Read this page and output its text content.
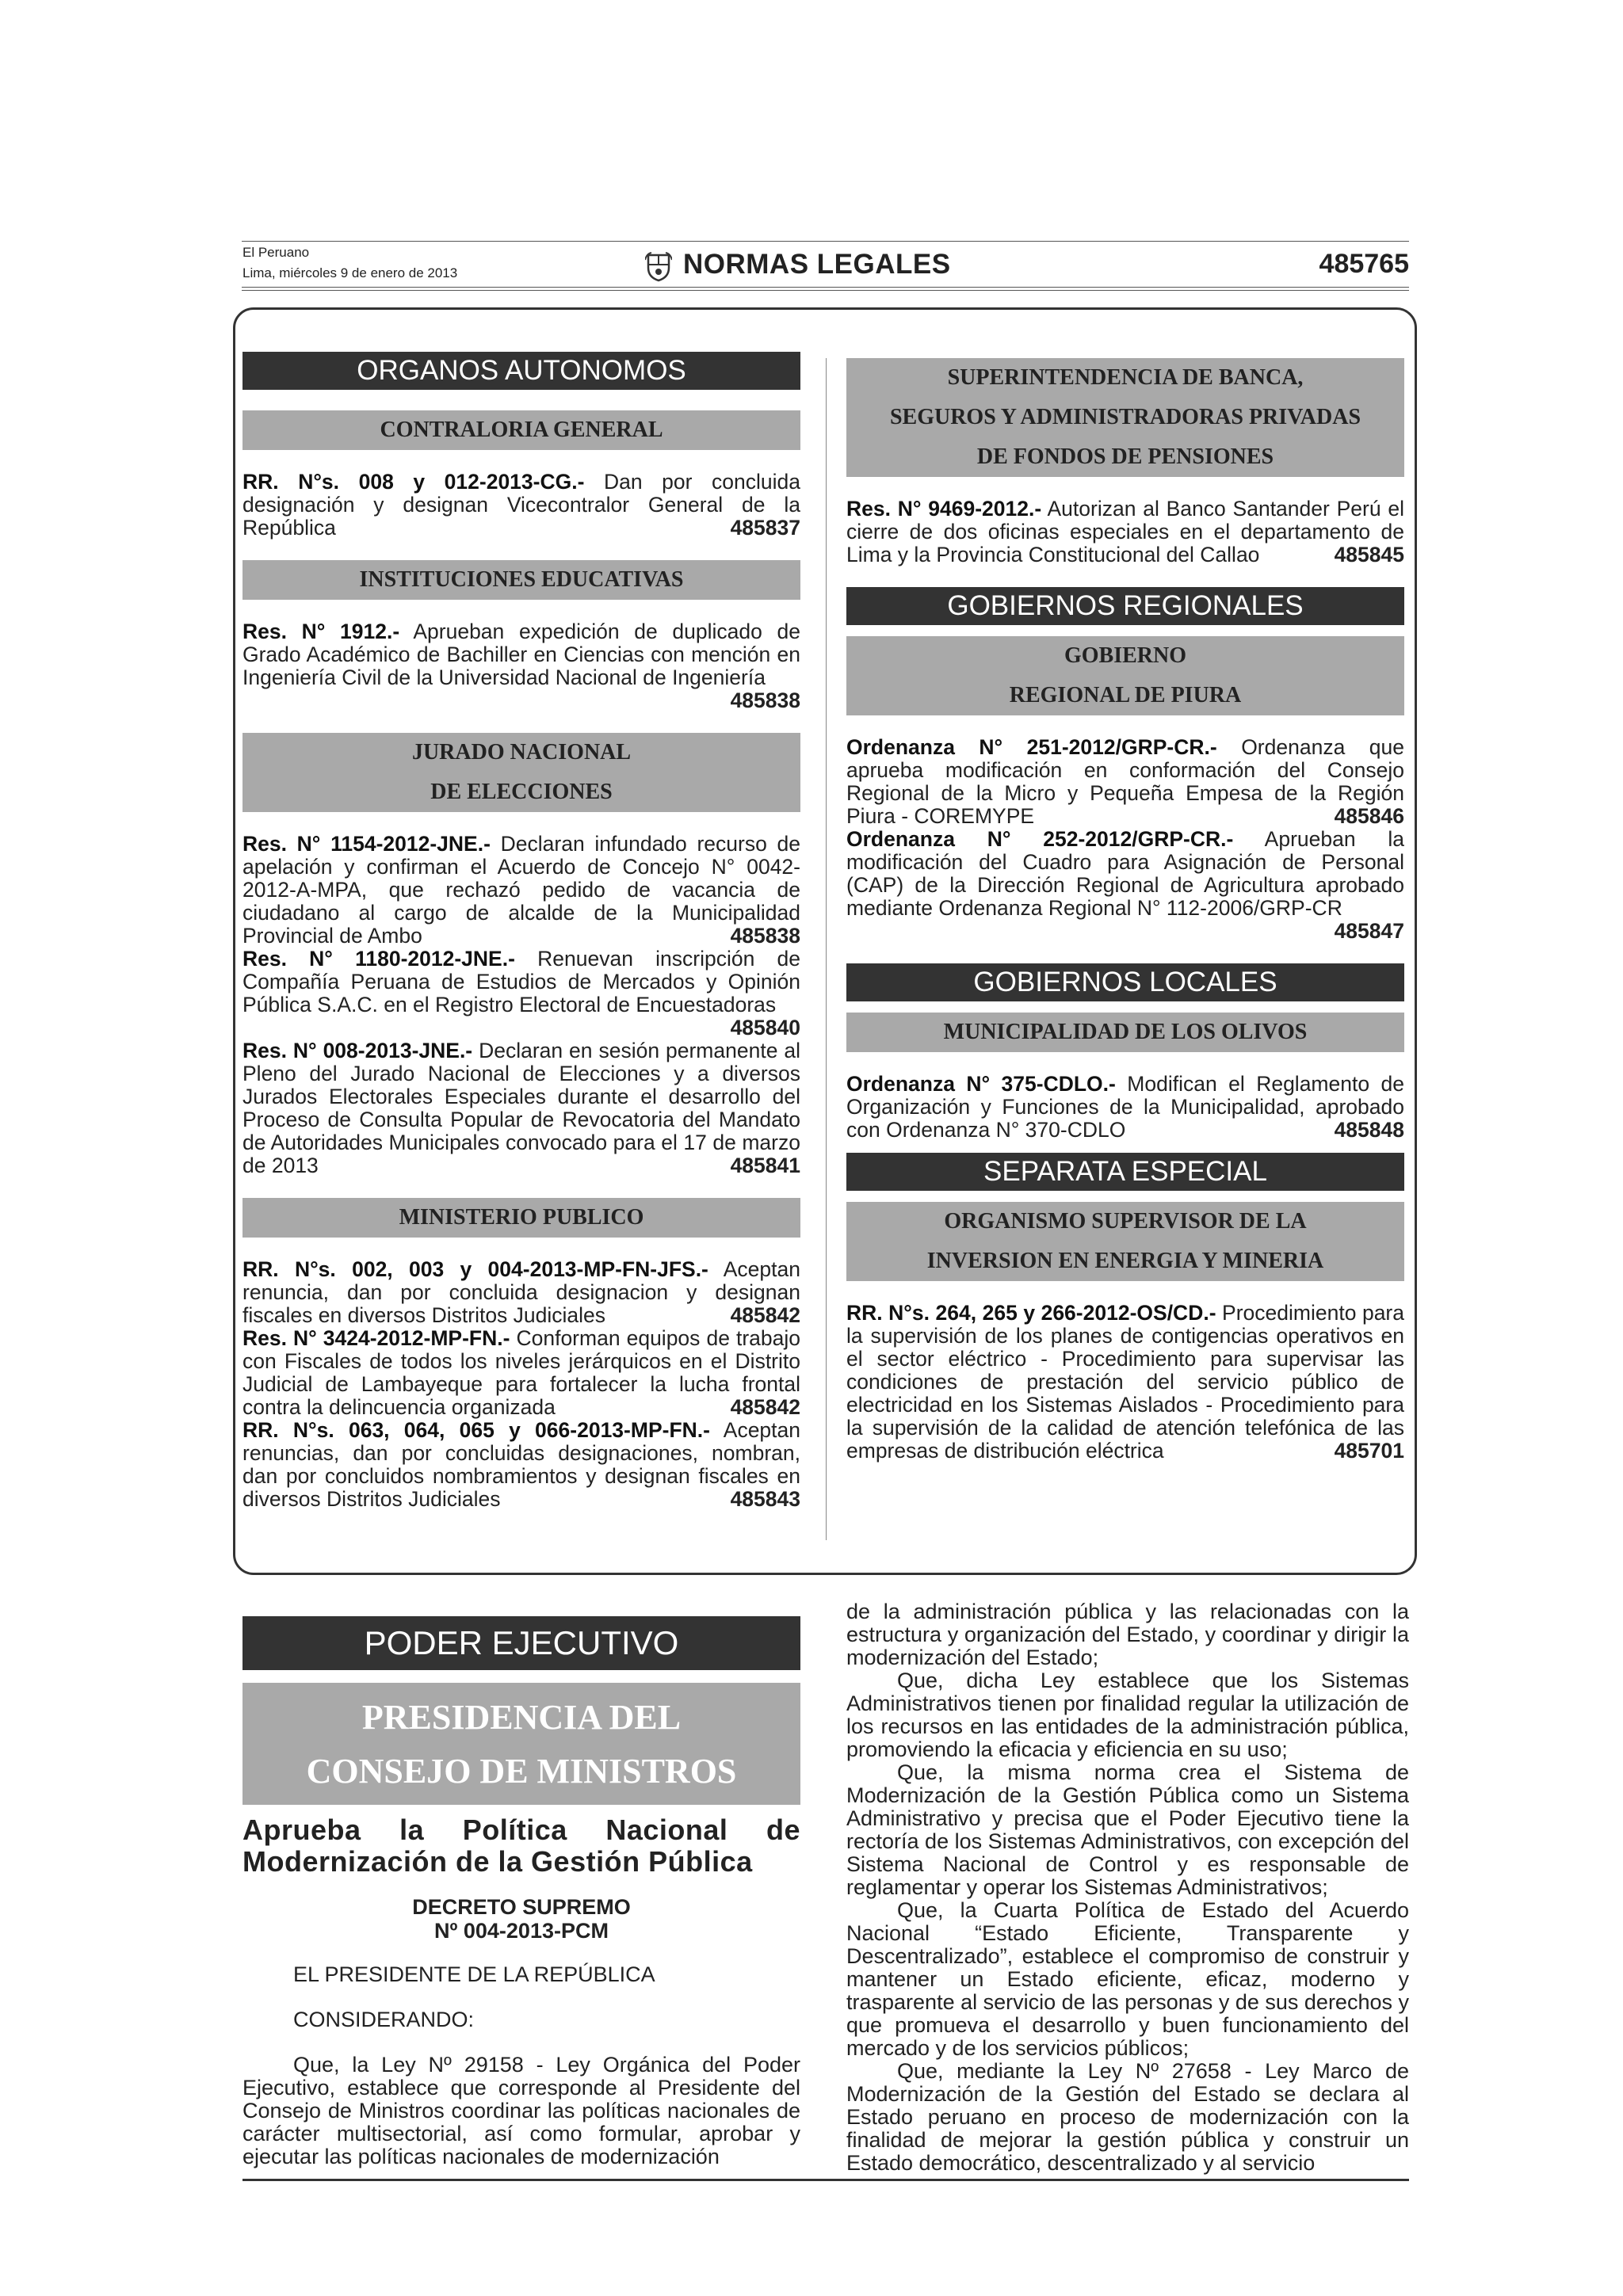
El Peruano
Lima, miércoles 9 de enero de 2013	NORMAS LEGALES	485765
ORGANOS AUTONOMOS
CONTRALORIA GENERAL
RR. N°s. 008 y 012-2013-CG.- Dan por concluida designación y designan Vicecontralor General de la República	485837
INSTITUCIONES EDUCATIVAS
Res. N° 1912.- Aprueban expedición de duplicado de Grado Académico de Bachiller en Ciencias con mención en Ingeniería Civil de la Universidad Nacional de Ingeniería
485838
JURADO NACIONAL
DE ELECCIONES
Res. N° 1154-2012-JNE.- Declaran infundado recurso de apelación y confirman el Acuerdo de Concejo N° 0042-2012-A-MPA, que rechazó pedido de vacancia de ciudadano al cargo de alcalde de la Municipalidad Provincial de Ambo	485838
Res. N° 1180-2012-JNE.- Renuevan inscripción de Compañía Peruana de Estudios de Mercados y Opinión Pública S.A.C. en el Registro Electoral de Encuestadoras
485840
Res. N° 008-2013-JNE.- Declaran en sesión permanente al Pleno del Jurado Nacional de Elecciones y a diversos Jurados Electorales Especiales durante el desarrollo del Proceso de Consulta Popular de Revocatoria del Mandato de Autoridades Municipales convocado para el 17 de marzo de 2013	485841
MINISTERIO PUBLICO
RR. N°s. 002, 003 y 004-2013-MP-FN-JFS.- Aceptan renuncia, dan por concluida designacion y designan fiscales en diversos Distritos Judiciales	485842
Res. N° 3424-2012-MP-FN.- Conforman equipos de trabajo con Fiscales de todos los niveles jerárquicos en el Distrito Judicial de Lambayeque para fortalecer la lucha frontal contra la delincuencia organizada	485842
RR. N°s. 063, 064, 065 y 066-2013-MP-FN.- Aceptan renuncias, dan por concluidas designaciones, nombran, dan por concluidos nombramientos y designan fiscales en diversos Distritos Judiciales	485843
SUPERINTENDENCIA DE BANCA,
SEGUROS Y ADMINISTRADORAS PRIVADAS
DE FONDOS DE PENSIONES
Res. N° 9469-2012.- Autorizan al Banco Santander Perú el cierre de dos oficinas especiales en el departamento de Lima y la Provincia Constitucional del Callao	485845
GOBIERNOS REGIONALES
GOBIERNO
REGIONAL DE PIURA
Ordenanza N° 251-2012/GRP-CR.- Ordenanza que aprueba modificación en conformación del Consejo Regional de la Micro y Pequeña Empesa de la Región Piura - COREMYPE	485846
Ordenanza N° 252-2012/GRP-CR.- Aprueban la modificación del Cuadro para Asignación de Personal (CAP) de la Dirección Regional de Agricultura aprobado mediante Ordenanza Regional N° 112-2006/GRP-CR
485847
GOBIERNOS LOCALES
MUNICIPALIDAD DE LOS OLIVOS
Ordenanza N° 375-CDLO.- Modifican el Reglamento de Organización y Funciones de la Municipalidad, aprobado con Ordenanza N° 370-CDLO	485848
SEPARATA ESPECIAL
ORGANISMO SUPERVISOR DE LA
INVERSION EN ENERGIA Y MINERIA
RR. N°s. 264, 265 y 266-2012-OS/CD.- Procedimiento para la supervisión de los planes de contigencias operativos en el sector eléctrico - Procedimiento para supervisar las condiciones de prestación del servicio público de electricidad en los Sistemas Aislados - Procedimiento para la supervisión de la calidad de atención telefónica de las empresas de distribución eléctrica	485701
PODER EJECUTIVO
PRESIDENCIA DEL
CONSEJO DE MINISTROS
Aprueba la Política Nacional de Modernización de la Gestión Pública
DECRETO SUPREMO
Nº 004-2013-PCM

EL PRESIDENTE DE LA REPÚBLICA

CONSIDERANDO:

Que, la Ley Nº 29158 - Ley Orgánica del Poder Ejecutivo, establece que corresponde al Presidente del Consejo de Ministros coordinar las políticas nacionales de carácter multisectorial, así como formular, aprobar y ejecutar las políticas nacionales de modernización

de la administración pública y las relacionadas con la estructura y organización del Estado, y coordinar y dirigir la modernización del Estado;

Que, dicha Ley establece que los Sistemas Administrativos tienen por finalidad regular la utilización de los recursos en las entidades de la administración pública, promoviendo la eficacia y eficiencia en su uso;

Que, la misma norma crea el Sistema de Modernización de la Gestión Pública como un Sistema Administrativo y precisa que el Poder Ejecutivo tiene la rectoría de los Sistemas Administrativos, con excepción del Sistema Nacional de Control y es responsable de reglamentar y operar los Sistemas Administrativos;

Que, la Cuarta Política de Estado del Acuerdo Nacional “Estado Eficiente, Transparente y Descentralizado”, establece el compromiso de construir y mantener un Estado eficiente, eficaz, moderno y trasparente al servicio de las personas y de sus derechos y que promueva el desarrollo y buen funcionamiento del mercado y de los servicios públicos;

Que, mediante la Ley Nº 27658 - Ley Marco de Modernización de la Gestión del Estado se declara al Estado peruano en proceso de modernización con la finalidad de mejorar la gestión pública y construir un Estado democrático, descentralizado y al servicio
